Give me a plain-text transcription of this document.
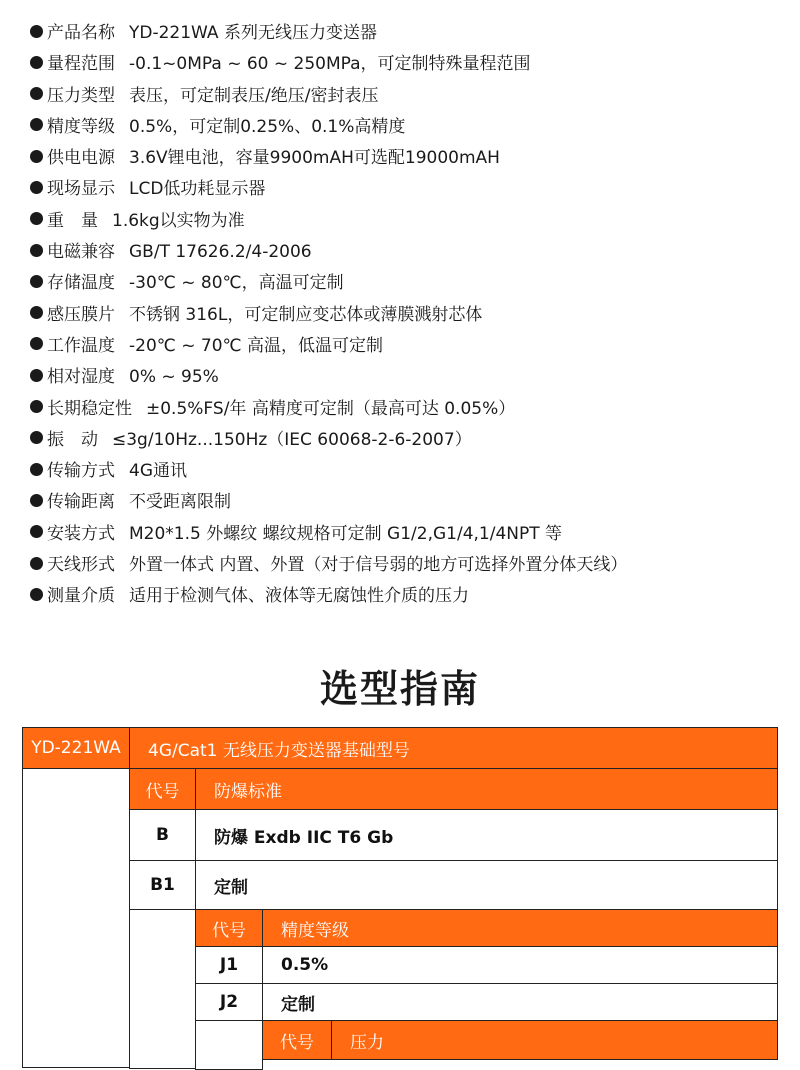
产品名称 YD-221WA 系列无线压力变送器
量程范围 -0.1~0MPa ~ 60 ~ 250MPa，可定制特殊量程范围
压力类型 表压，可定制表压/绝压/密封表压
精度等级 0.5%，可定制0.25%、0.1%高精度
供电电源 3.6V锂电池，容量9900mAH可选配19000mAH
现场显示 LCD低功耗显示器
重　量 1.6kg以实物为准
电磁兼容 GB/T 17626.2/4-2006
存储温度 -30℃ ~ 80℃，高温可定制
感压膜片 不锈钢 316L，可定制应变芯体或薄膜溅射芯体
工作温度 -20℃ ~ 70℃ 高温，低温可定制
相对湿度 0% ~ 95%
长期稳定性 ±0.5%FS/年 高精度可定制（最高可达 0.05%）
振　动 ≤3g/10Hz...150Hz（IEC 60068-2-6-2007）
传输方式 4G通讯
传输距离 不受距离限制
安装方式 M20*1.5 外螺纹 螺纹规格可定制 G1/2,G1/4,1/4NPT 等
天线形式 外置一体式 内置、外置（对于信号弱的地方可选择外置分体天线）
测量介质 适用于检测气体、液体等无腐蚀性介质的压力
选型指南
YD-221WA	4G/Cat1 无线压力变送器基础型号
代号	防爆标准
B	防爆 Exdb IIC T6 Gb
B1	定制
代号	精度等级
J1	0.5%
J2	定制
代号	压力
